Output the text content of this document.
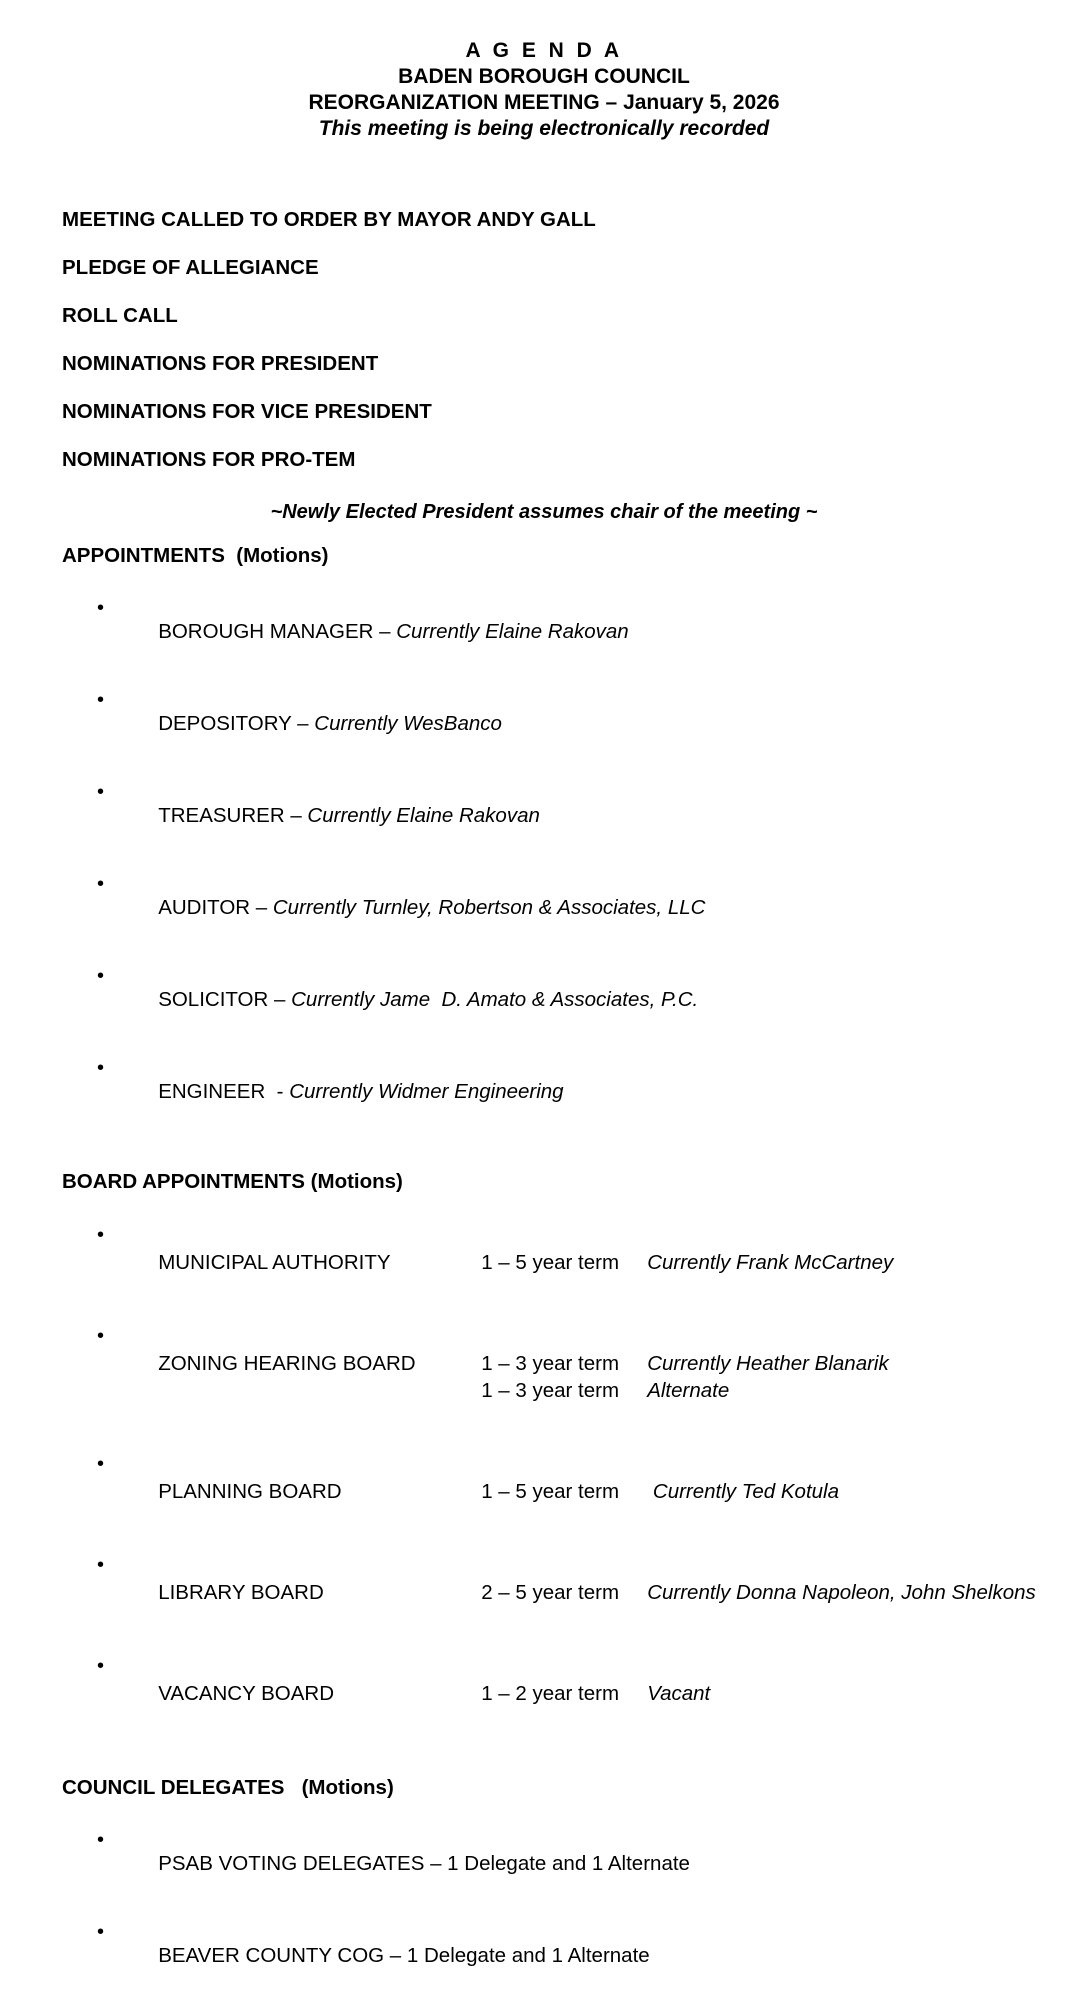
A G E N D A
BADEN BOROUGH COUNCIL
REORGANIZATION MEETING – January 5, 2026
This meeting is being electronically recorded
MEETING CALLED TO ORDER BY MAYOR ANDY GALL
PLEDGE OF ALLEGIANCE
ROLL CALL
NOMINATIONS FOR PRESIDENT
NOMINATIONS FOR VICE PRESIDENT
NOMINATIONS FOR PRO-TEM
~Newly Elected President assumes chair of the meeting ~
APPOINTMENTS  (Motions)

•
BOROUGH MANAGER – Currently Elaine Rakovan

•
DEPOSITORY – Currently WesBanco

•
TREASURER – Currently Elaine Rakovan

•
AUDITOR – Currently Turnley, Robertson & Associates, LLC

•
SOLICITOR – Currently Jame  D. Amato & Associates, P.C.

•
ENGINEER  - Currently Widmer Engineering

BOARD APPOINTMENTS (Motions)

•
MUNICIPAL AUTHORITY	1 – 5 year term Currently Frank McCartney

•
ZONING HEARING BOARD	1 – 3 year term Currently Heather Blanarik
1 – 3 year term Alternate

•
PLANNING BOARD	1 – 5 year term Currently Ted Kotula

•
LIBRARY BOARD	2 – 5 year term Currently Donna Napoleon, John Shelkons

•
VACANCY BOARD	1 – 2 year term Vacant

COUNCIL DELEGATES   (Motions)

•
PSAB VOTING DELEGATES – 1 Delegate and 1 Alternate

•
BEAVER COUNTY COG – 1 Delegate and 1 Alternate
